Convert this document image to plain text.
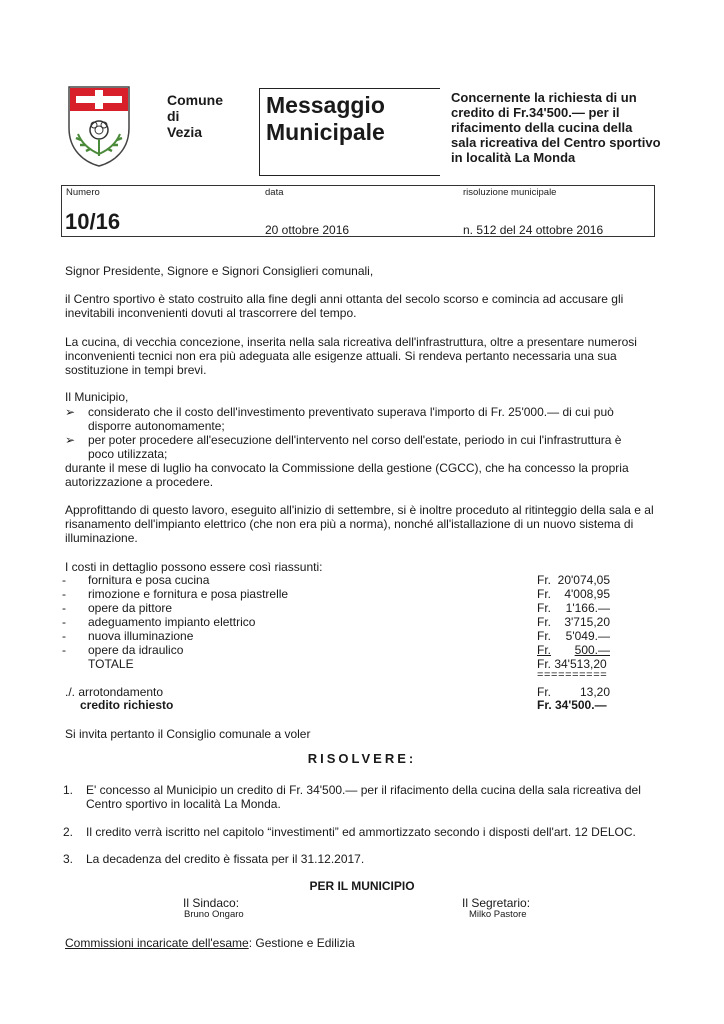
Comune
di
Vezia
Messaggio
Municipale
Concernente la richiesta di un credito di Fr.34'500.— per il rifacimento della cucina della sala ricreativa del Centro sportivo in località La Monda
Numero	data	risoluzione municipale
10/16	20 ottobre 2016	n. 512 del 24 ottobre 2016
Signor Presidente, Signore e Signori Consiglieri comunali,
il Centro sportivo è stato costruito alla fine degli anni ottanta del secolo scorso e comincia ad accusare gli inevitabili inconvenienti dovuti al trascorrere del tempo.
La cucina, di vecchia concezione, inserita nella sala ricreativa dell'infrastruttura, oltre a presentare numerosi inconvenienti tecnici non era più adeguata alle esigenze attuali. Si rendeva pertanto necessaria una sua sostituzione in tempi brevi.
Il Municipio,
➢	considerato che il costo dell'investimento preventivato superava l'importo di Fr. 25'000.— di cui può disporre autonomamente;
➢	per poter procedere all'esecuzione dell'intervento nel corso dell'estate, periodo in cui l'infrastruttura è poco utilizzata;
durante il mese di luglio ha convocato la Commissione della gestione (CGCC), che ha concesso la propria autorizzazione a procedere.
Approfittando di questo lavoro, eseguito all'inizio di settembre, si è inoltre proceduto al ritinteggio della sala e al risanamento dell'impianto elettrico (che non era più a norma), nonché all'istallazione di un nuovo sistema di illuminazione.
I costi in dettaglio possono essere così riassunti:
- fornitura e posa cucina	Fr. 20'074,05
- rimozione e fornitura e posa piastrelle	Fr.	4'008,95
- opere da pittore	Fr.	1'166.—
- adeguamento impianto elettrico	Fr.	3'715,20
- nuova illuminazione	Fr.	5'049.—
- opere da idraulico	Fr.	500.—
TOTALE	Fr. 34'513,20
==========
./. arrotondamento	Fr.	13,20
credito richiesto	Fr. 34'500.—
Si invita pertanto il Consiglio comunale a voler
RISOLVERE:
1. E' concesso al Municipio un credito di Fr. 34'500.— per il rifacimento della cucina della sala ricreativa del Centro sportivo in località La Monda.
2. Il credito verrà iscritto nel capitolo “investimenti” ed ammortizzato secondo i disposti dell'art. 12 DELOC.
3. La decadenza del credito è fissata per il 31.12.2017.
PER IL MUNICIPIO
Il Sindaco:
Bruno Ongaro
Il Segretario:
Milko Pastore
Commissioni incaricate dell'esame: Gestione e Edilizia
